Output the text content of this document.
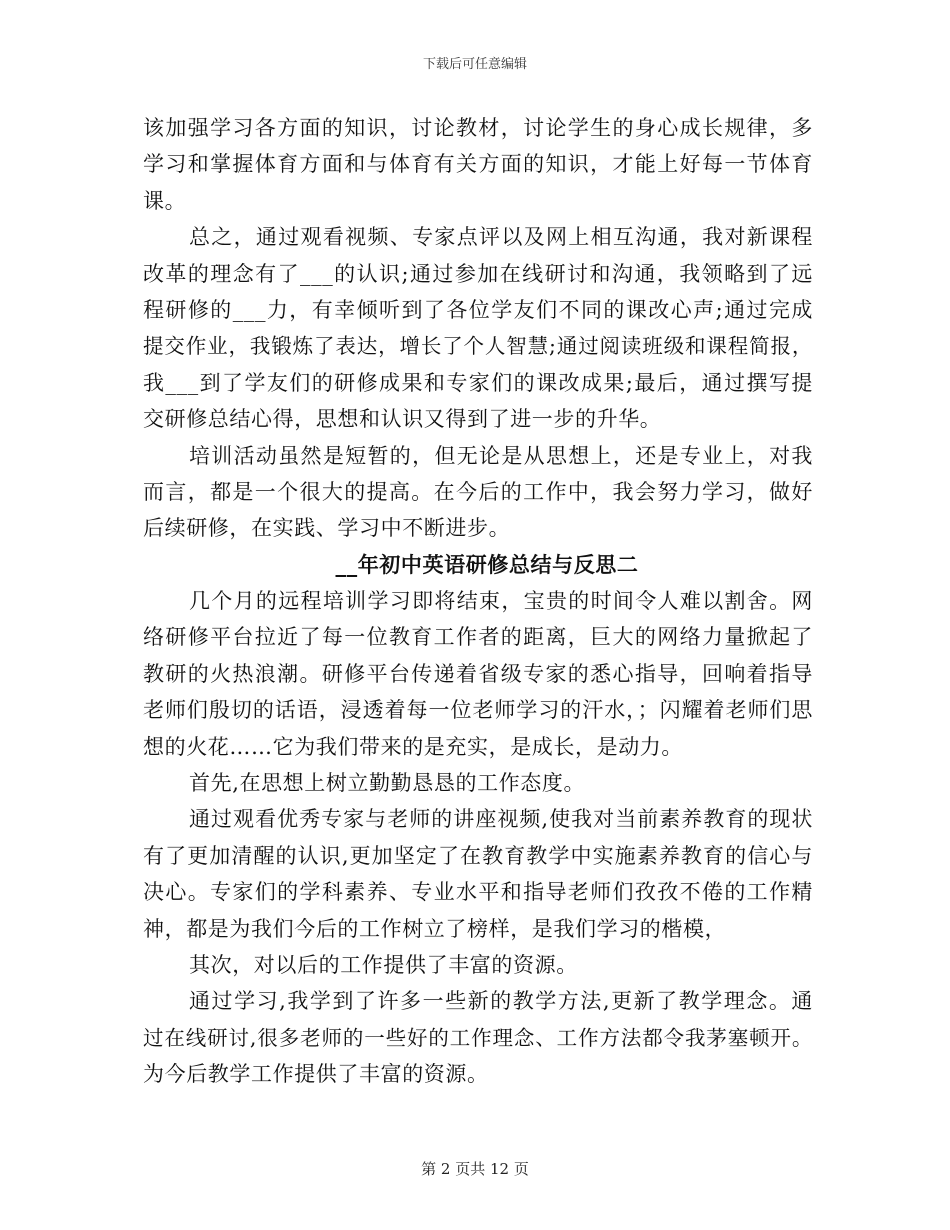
下载后可任意编辑
该加强学习各方面的知识，讨论教材，讨论学生的身心成长规律，多
学习和掌握体育方面和与体育有关方面的知识，才能上好每一节体育
课。
总之，通过观看视频、专家点评以及网上相互沟通，我对新课程
改革的理念有了___的认识;通过参加在线研讨和沟通，我领略到了远
程研修的___力，有幸倾听到了各位学友们不同的课改心声;通过完成
提交作业，我锻炼了表达，增长了个人智慧;通过阅读班级和课程简报，
我___到了学友们的研修成果和专家们的课改成果;最后，通过撰写提
交研修总结心得，思想和认识又得到了进一步的升华。
培训活动虽然是短暂的，但无论是从思想上，还是专业上，对我
而言，都是一个很大的提高。在今后的工作中，我会努力学习，做好
后续研修，在实践、学习中不断进步。
__年初中英语研修总结与反思二
几个月的远程培训学习即将结束，宝贵的时间令人难以割舍。网
络研修平台拉近了每一位教育工作者的距离，巨大的网络力量掀起了
教研的火热浪潮。研修平台传递着省级专家的悉心指导，回响着指导
老师们殷切的话语，浸透着每一位老师学习的汗水，；闪耀着老师们思
想的火花……它为我们带来的是充实，是成长，是动力。
首先,在思想上树立勤勤恳恳的工作态度。
通过观看优秀专家与老师的讲座视频,使我对当前素养教育的现状
有了更加清醒的认识,更加坚定了在教育教学中实施素养教育的信心与
决心。专家们的学科素养、专业水平和指导老师们孜孜不倦的工作精
神，都是为我们今后的工作树立了榜样，是我们学习的楷模，
其次，对以后的工作提供了丰富的资源。
通过学习,我学到了许多一些新的教学方法,更新了教学理念。通
过在线研讨,很多老师的一些好的工作理念、工作方法都令我茅塞顿开。
为今后教学工作提供了丰富的资源。
第 2 页共 12 页
